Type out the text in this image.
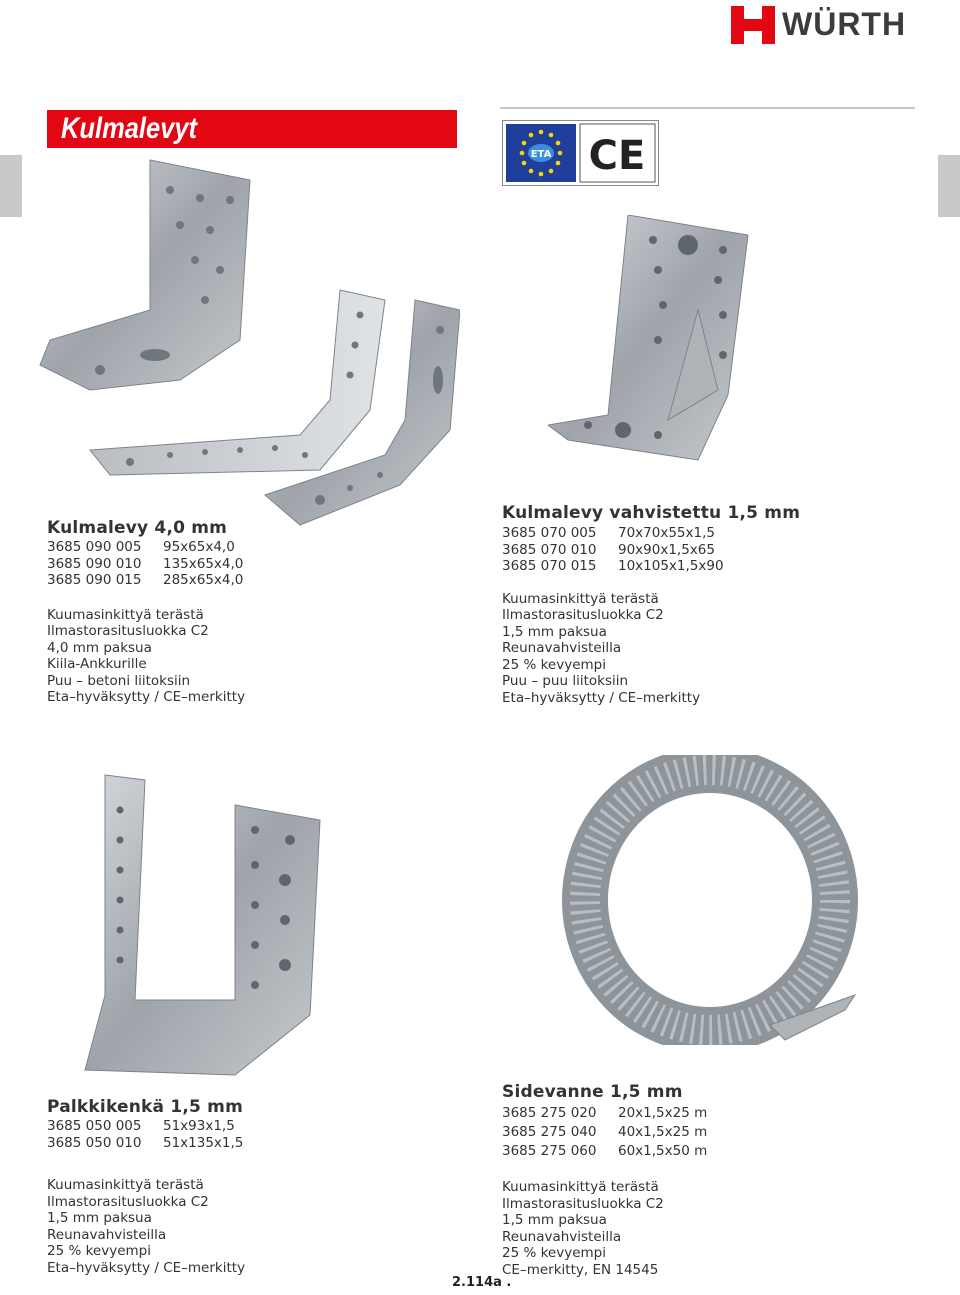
WÜRTH
Kulmalevyt
ETA CE
Kulmalevy 4,0 mm
3685 090 005 95x65x4,0
3685 090 010 135x65x4,0
3685 090 015 285x65x4,0
Kuumasinkittyä terästä
Ilmastorasitusluokka C2
4,0 mm paksua
Kiila-Ankkurille
Puu – betoni liitoksiin
Eta–hyväksytty / CE–merkitty
Kulmalevy vahvistettu 1,5 mm
3685 070 005 70x70x55x1,5
3685 070 010 90x90x1,5x65
3685 070 015 10x105x1,5x90
Kuumasinkittyä terästä
Ilmastorasitusluokka C2
1,5 mm paksua
Reunavahvisteilla
25 % kevyempi
Puu – puu liitoksiin
Eta–hyväksytty / CE–merkitty
Palkkikenkä 1,5 mm
3685 050 005 51x93x1,5
3685 050 010 51x135x1,5
Kuumasinkittyä terästä
Ilmastorasitusluokka C2
1,5 mm paksua
Reunavahvisteilla
25 % kevyempi
Eta–hyväksytty / CE–merkitty
Sidevanne 1,5 mm
3685 275 020 20x1,5x25 m
3685 275 040 40x1,5x25 m
3685 275 060 60x1,5x50 m
Kuumasinkittyä terästä
Ilmastorasitusluokka C2
1,5 mm paksua
Reunavahvisteilla
25 % kevyempi
CE–merkitty, EN 14545
2.114a .
